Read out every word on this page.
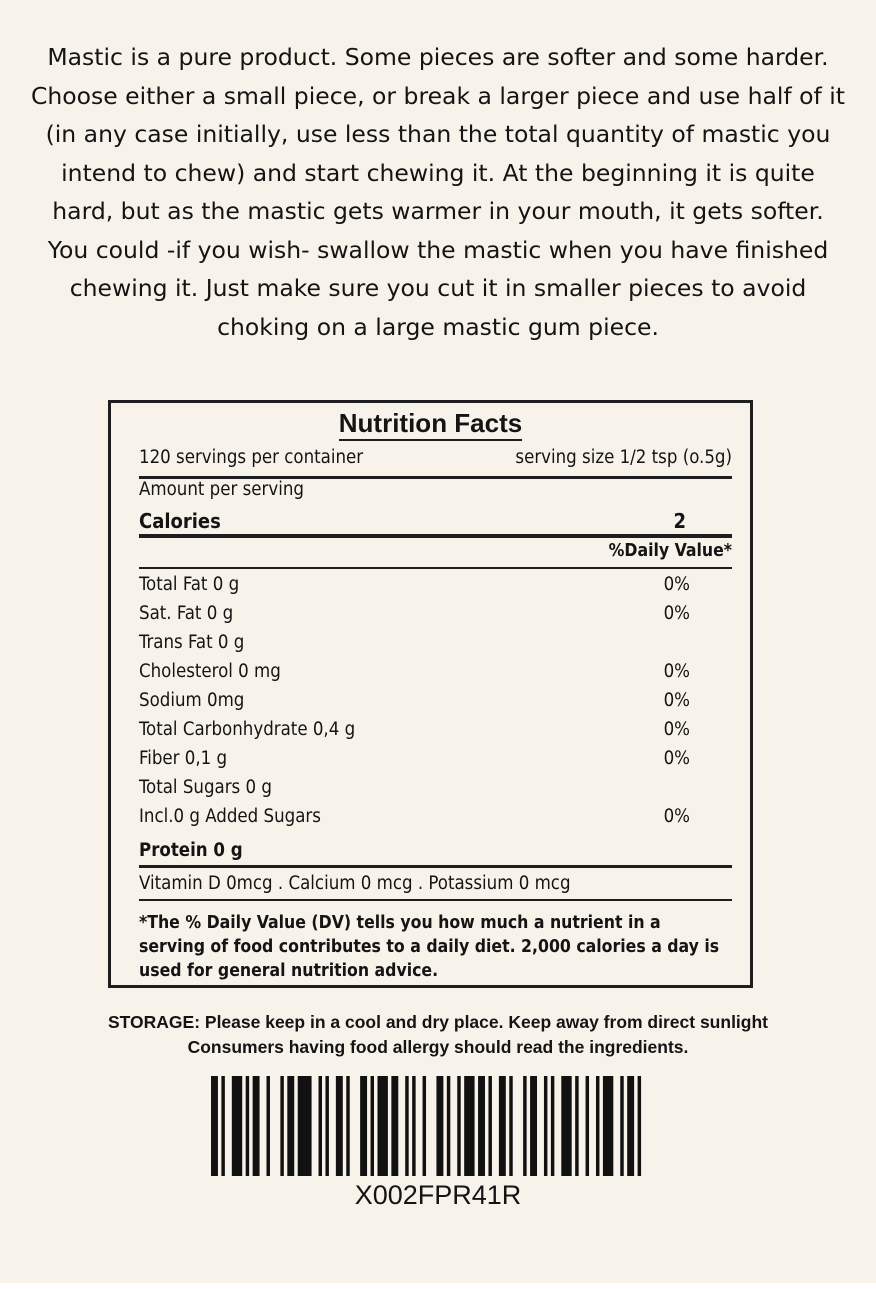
Mastic is a pure product. Some pieces are softer and some harder. Choose either a small piece, or break a larger piece and use half of it (in any case initially, use less than the total quantity of mastic you intend to chew) and start chewing it. At the beginning it is quite hard, but as the mastic gets warmer in your mouth, it gets softer.

You could -if you wish- swallow the mastic when you have finished chewing it. Just make sure you cut it in smaller pieces to avoid choking on a large mastic gum piece.

Nutrition Facts
120 servings per container	serving size 1/2 tsp (o.5g)
Amount per serving
Calories	2
%Daily Value*
Total Fat 0 g	0%
Sat. Fat 0 g	0%
Trans Fat 0 g
Cholesterol 0 mg	0%
Sodium 0mg	0%
Total Carbonhydrate 0,4 g	0%
Fiber 0,1 g	0%
Total Sugars 0 g
Incl.0 g Added Sugars	0%
Protein 0 g
Vitamin D 0mcg . Calcium 0 mcg . Potassium 0 mcg
*The % Daily Value (DV) tells you how much a nutrient in a serving of food contributes to a daily diet. 2,000 calories a day is used for general nutrition advice.
STORAGE: Please keep in a cool and dry place. Keep away from direct sunlight
Consumers having food allergy should read the ingredients.
X002FPR41R
